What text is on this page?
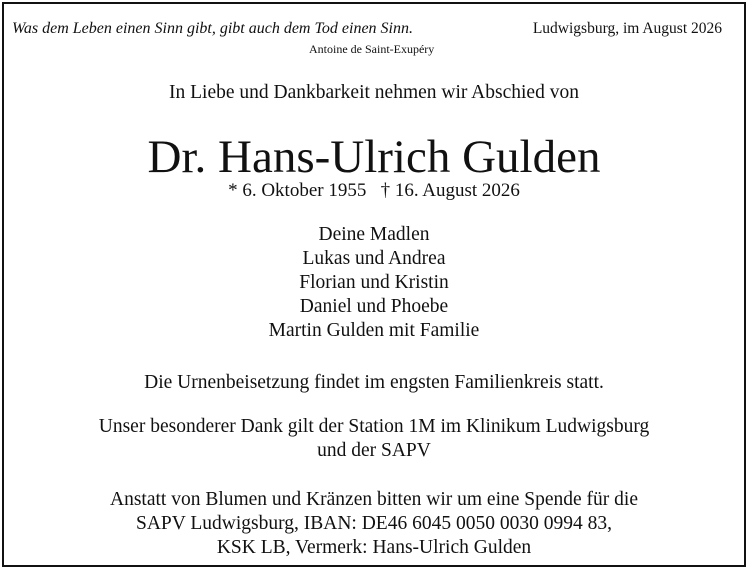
Was dem Leben einen Sinn gibt, gibt auch dem Tod einen Sinn.
Antoine de Saint-Exupéry
Ludwigsburg, im August 2026
In Liebe und Dankbarkeit nehmen wir Abschied von
Dr. Hans-Ulrich Gulden
* 6. Oktober 1955   † 16. August 2026
Deine Madlen
Lukas und Andrea
Florian und Kristin
Daniel und Phoebe
Martin Gulden mit Familie
Die Urnenbeisetzung findet im engsten Familienkreis statt.
Unser besonderer Dank gilt der Station 1M im Klinikum Ludwigsburg
und der SAPV
Anstatt von Blumen und Kränzen bitten wir um eine Spende für die
SAPV Ludwigsburg, IBAN: DE46 6045 0050 0030 0994 83,
KSK LB, Vermerk: Hans-Ulrich Gulden
